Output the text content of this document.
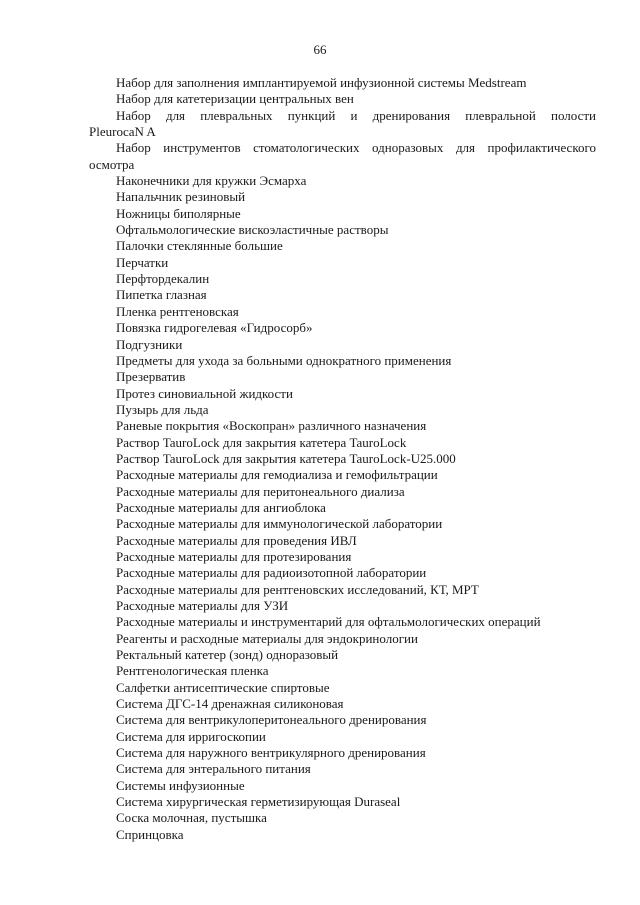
66
Набор для заполнения имплантируемой инфузионной системы Medstream
Набор для катетеризации центральных вен
Набор для плевральных пункций и дренирования плевральной полости
PleurocaN A
Набор инструментов стоматологических одноразовых для профилактического
осмотра
Наконечники для кружки Эсмарха
Напальчник резиновый
Ножницы биполярные
Офтальмологические вискоэластичные растворы
Палочки стеклянные большие
Перчатки
Перфтордекалин
Пипетка глазная
Пленка рентгеновская
Повязка гидрогелевая «Гидросорб»
Подгузники
Предметы для ухода за больными однократного применения
Презерватив
Протез синовиальной жидкости
Пузырь для льда
Раневые покрытия «Воскопран» различного назначения
Раствор TauroLock для закрытия катетера TauroLock
Раствор TauroLock для закрытия катетера TauroLock-U25.000
Расходные материалы для гемодиализа и гемофильтрации
Расходные материалы для перитонеального диализа
Расходные материалы для ангиоблока
Расходные материалы для иммунологической лаборатории
Расходные материалы для проведения ИВЛ
Расходные материалы для протезирования
Расходные материалы для радиоизотопной лаборатории
Расходные материалы для рентгеновских исследований, КТ, МРТ
Расходные материалы для УЗИ
Расходные материалы и инструментарий для офтальмологических операций
Реагенты и расходные материалы для эндокринологии
Ректальный катетер (зонд) одноразовый
Рентгенологическая пленка
Салфетки антисептические спиртовые
Система ДГС-14 дренажная силиконовая
Система для вентрикулоперитонеального дренирования
Система для ирригоскопии
Система для наружного вентрикулярного дренирования
Система для энтерального питания
Системы инфузионные
Система хирургическая герметизирующая Duraseal
Соска молочная, пустышка
Спринцовка
